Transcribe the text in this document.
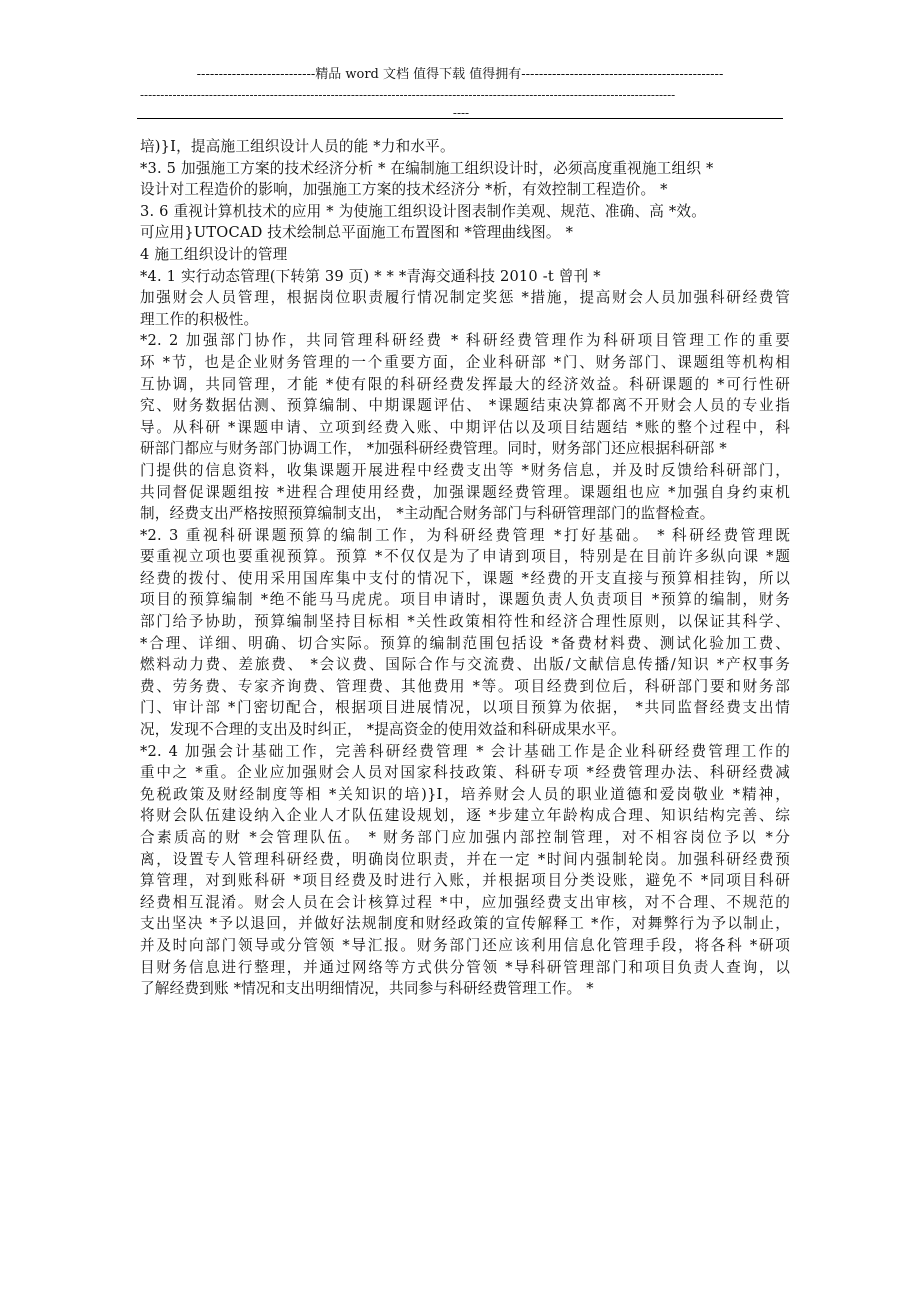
---------------------------精品 word 文档 值得下载 值得拥有----------------------------------------------
------------------------------------------------------------------------------------------------------------------------------------
----
培)}I，提高施工组织设计人员的能 *力和水平。
*3. 5 加强施工方案的技术经济分析 * 在编制施工组织设计时，必须高度重视施工组织 *
设计对工程造价的影响，加强施工方案的技术经济分 *析，有效控制工程造价。 *
3. 6 重视计算机技术的应用 * 为使施工组织设计图表制作美观、规范、准确、高 *效。
可应用}UTOCAD 技术绘制总平面施工布置图和 *管理曲线图。 *
4 施工组织设计的管理
*4. 1 实行动态管理(下转第 39 页) * * *青海交通科技 2010 -t 曾刊 *
加强财会人员管理，根据岗位职责履行情况制定奖惩 *措施，提高财会人员加强科研经费管
理工作的积极性。
*2. 2 加强部门协作，共同管理科研经费 * 科研经费管理作为科研项目管理工作的重要
环 *节，也是企业财务管理的一个重要方面，企业科研部 *门、财务部门、课题组等机构相
互协调，共同管理，才能 *使有限的科研经费发挥最大的经济效益。科研课题的 *可行性研
究、财务数据估测、预算编制、中期课题评估、 *课题结束决算都离不开财会人员的专业指
导。从科研 *课题申请、立项到经费入账、中期评估以及项目结题结 *账的整个过程中，科
研部门都应与财务部门协调工作， *加强科研经费管理。同时，财务部门还应根据科研部 *
门提供的信息资料，收集课题开展进程中经费支出等 *财务信息，并及时反馈给科研部门，
共同督促课题组按 *进程合理使用经费，加强课题经费管理。课题组也应 *加强自身约束机
制，经费支出严格按照预算编制支出， *主动配合财务部门与科研管理部门的监督检查。
*2. 3 重视科研课题预算的编制工作，为科研经费管理 *打好基础。 * 科研经费管理既
要重视立项也要重视预算。预算 *不仅仅是为了申请到项目，特别是在目前许多纵向课 *题
经费的拨付、使用采用国库集中支付的情况下，课题 *经费的开支直接与预算相挂钩，所以
项目的预算编制 *绝不能马马虎虎。项目申请时，课题负责人负责项目 *预算的编制，财务
部门给予协助，预算编制坚持目标相 *关性政策相符性和经济合理性原则，以保证其科学、
*合理、详细、明确、切合实际。预算的编制范围包括设 *备费材料费、测试化验加工费、
燃料动力费、差旅费、 *会议费、国际合作与交流费、出版/文献信息传播/知识 *产权事务
费、劳务费、专家齐询费、管理费、其他费用 *等。项目经费到位后，科研部门要和财务部
门、审计部 *门密切配合，根据项目进展情况，以项目预算为依据， *共同监督经费支出情
况，发现不合理的支出及时纠正， *提高资金的使用效益和科研成果水平。
*2. 4 加强会计基础工作，完善科研经费管理 * 会计基础工作是企业科研经费管理工作的
重中之 *重。企业应加强财会人员对国家科技政策、科研专项 *经费管理办法、科研经费减
免税政策及财经制度等相 *关知识的培)}I，培养财会人员的职业道德和爱岗敬业 *精神，
将财会队伍建设纳入企业人才队伍建设规划，逐 *步建立年龄构成合理、知识结构完善、综
合素质高的财 *会管理队伍。 * 财务部门应加强内部控制管理，对不相容岗位予以 *分
离，设置专人管理科研经费，明确岗位职责，并在一定 *时间内强制轮岗。加强科研经费预
算管理，对到账科研 *项目经费及时进行入账，并根据项目分类设账，避免不 *同项目科研
经费相互混淆。财会人员在会计核算过程 *中，应加强经费支出审核，对不合理、不规范的
支出坚决 *予以退回，并做好法规制度和财经政策的宣传解释工 *作，对舞弊行为予以制止，
并及时向部门领导或分管领 *导汇报。财务部门还应该利用信息化管理手段，将各科 *研项
目财务信息进行整理，并通过网络等方式供分管领 *导科研管理部门和项目负责人查询，以
了解经费到账 *情况和支出明细情况，共同参与科研经费管理工作。 *
